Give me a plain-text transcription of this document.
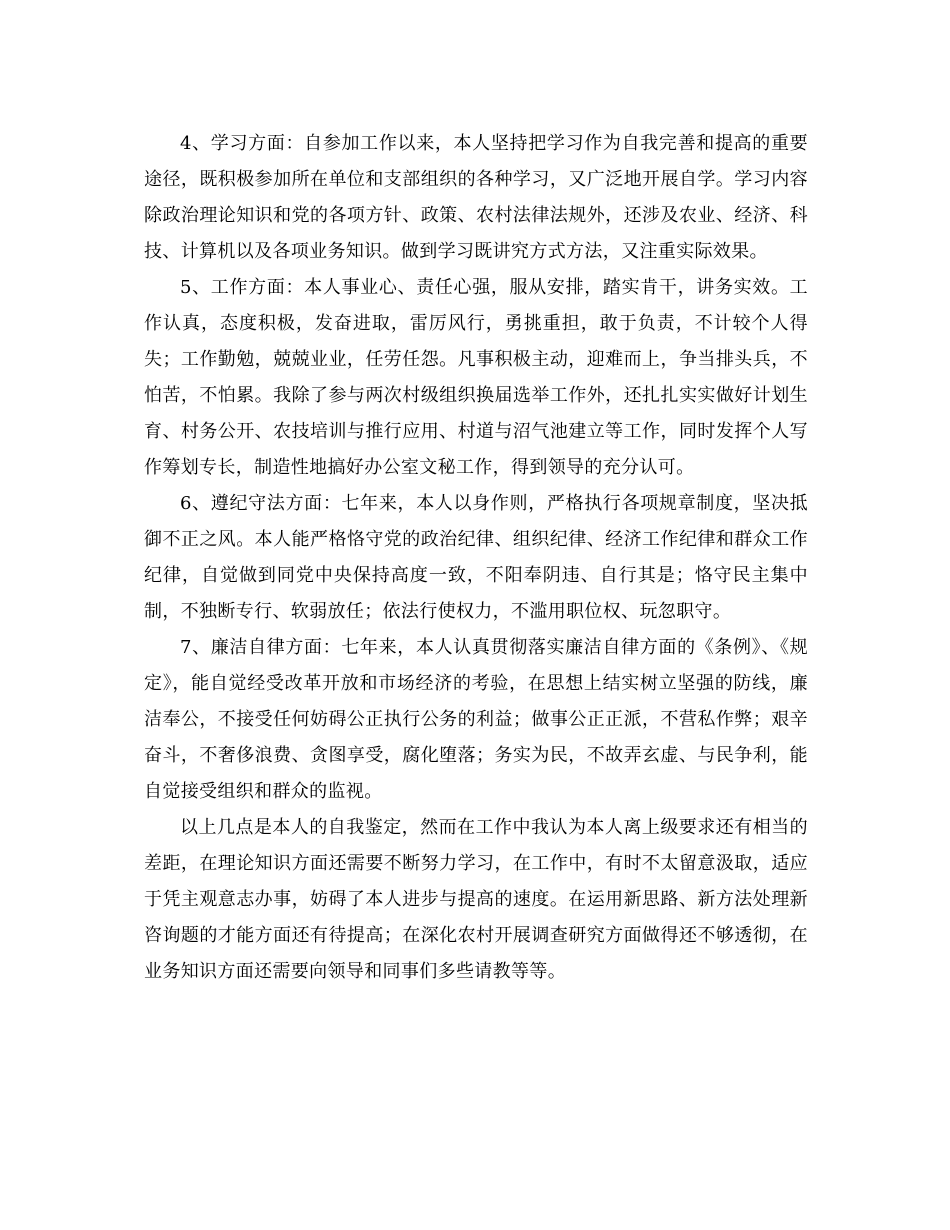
4、学习方面：自参加工作以来，本人坚持把学习作为自我完善和提高的重要途径，既积极参加所在单位和支部组织的各种学习，又广泛地开展自学。学习内容除政治理论知识和党的各项方针、政策、农村法律法规外，还涉及农业、经济、科技、计算机以及各项业务知识。做到学习既讲究方式方法，又注重实际效果。

5、工作方面：本人事业心、责任心强，服从安排，踏实肯干，讲务实效。工作认真，态度积极，发奋进取，雷厉风行，勇挑重担，敢于负责，不计较个人得失；工作勤勉，兢兢业业，任劳任怨。凡事积极主动，迎难而上，争当排头兵，不怕苦，不怕累。我除了参与两次村级组织换届选举工作外，还扎扎实实做好计划生育、村务公开、农技培训与推行应用、村道与沼气池建立等工作，同时发挥个人写作筹划专长，制造性地搞好办公室文秘工作，得到领导的充分认可。

6、遵纪守法方面：七年来，本人以身作则，严格执行各项规章制度，坚决抵御不正之风。本人能严格恪守党的政治纪律、组织纪律、经济工作纪律和群众工作纪律，自觉做到同党中央保持高度一致，不阳奉阴违、自行其是；恪守民主集中制，不独断专行、软弱放任；依法行使权力，不滥用职位权、玩忽职守。

7、廉洁自律方面：七年来，本人认真贯彻落实廉洁自律方面的《条例》、《规定》，能自觉经受改革开放和市场经济的考验，在思想上结实树立坚强的防线，廉洁奉公，不接受任何妨碍公正执行公务的利益；做事公正正派，不营私作弊；艰辛奋斗，不奢侈浪费、贪图享受，腐化堕落；务实为民，不故弄玄虚、与民争利，能自觉接受组织和群众的监视。

以上几点是本人的自我鉴定，然而在工作中我认为本人离上级要求还有相当的差距，在理论知识方面还需要不断努力学习，在工作中，有时不太留意汲取，适应于凭主观意志办事，妨碍了本人进步与提高的速度。在运用新思路、新方法处理新咨询题的才能方面还有待提高；在深化农村开展调查研究方面做得还不够透彻，在业务知识方面还需要向领导和同事们多些请教等等。
